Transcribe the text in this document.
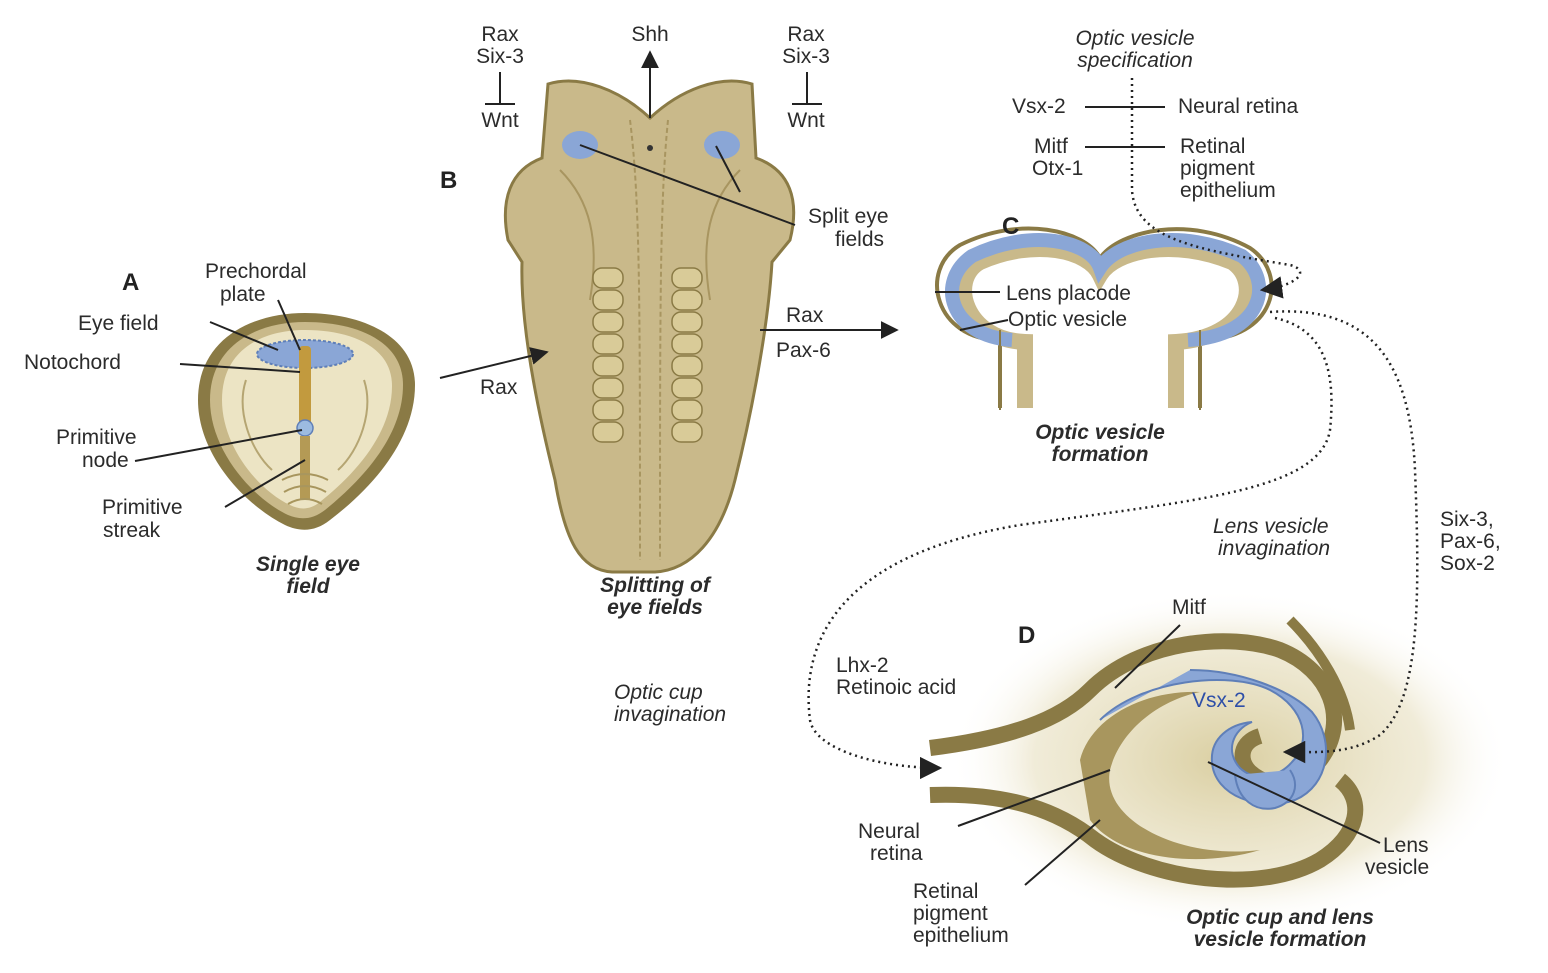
A	Prechordal
plate
Eye field
Notochord
Primitive
node
Primitive
streak
Single eye
field
Rax
B
Rax
Six-3
Wnt
Shh	Rax
Six-3
Wnt
Split eye
fields
Splitting of
eye fields
Rax
Pax-6
Optic vesicle
specification
Vsx-2	Neural retina
Mitf
Otx-1
Retinal
pigment
epithelium
C
Lens placode
Optic vesicle
Optic vesicle
formation
Lens vesicle
invagination
Six-3,
Pax-6,
Sox-2
Optic cup
invagination
D
Mitf
Lhx-2
Retinoic acid
Vsx-2
Neural
retina
Retinal
pigment
epithelium
Lens
vesicle
Optic cup and lens
vesicle formation
